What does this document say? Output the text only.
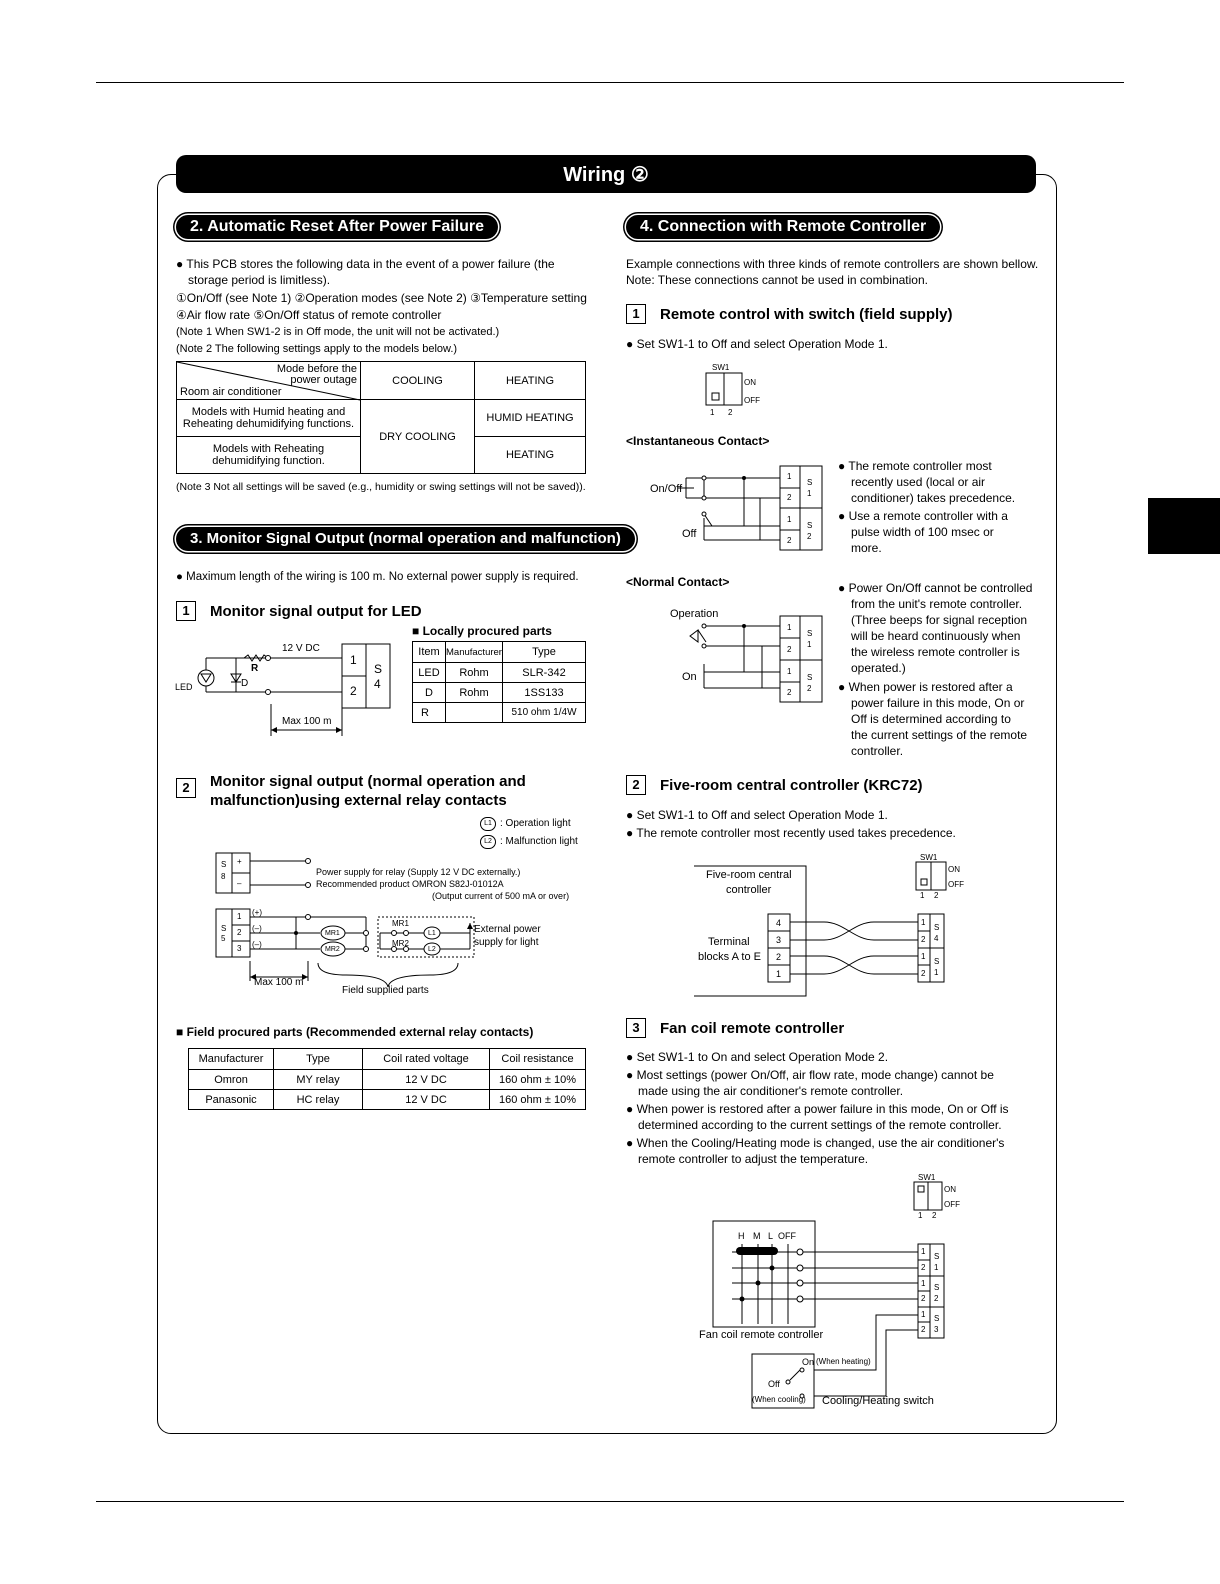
Wiring ②
2. Automatic Reset After Power Failure
● This PCB stores the following data in the event of a power failure (the
storage period is limitless).
①On/Off (see Note 1) ②Operation modes (see Note 2) ③Temperature setting
④Air flow rate ⑤On/Off status of remote controller
(Note 1 When SW1-2 is in Off mode, the unit will not be activated.)
(Note 2 The following settings apply to the models below.)
Mode before the
power outage
Room air conditioner	COOLING	HEATING
Models with Humid heating and
Reheating dehumidifying functions.	DRY COOLING	HUMID HEATING
Models with Reheating
dehumidifying function.		HEATING
(Note 3 Not all settings will be saved (e.g., humidity or swing settings will not be saved)).
3. Monitor Signal Output (normal operation and malfunction)
● Maximum length of the wiring is 100 m. No external power supply is required.
1	Monitor signal output for LED
12 V DC
R
D
LED
1
2
S
4
Max 100 m
■ Locally procured parts
Item	Manufacturer	Type
LED	Rohm	SLR-342
D	Rohm	1SS133
R		510 ohm 1/4W
2	Monitor signal output (normal operation and
malfunction)using external relay contacts
L1 : Operation light
L2 : Malfunction light
S
8
+
–
Power supply for relay (Supply 12 V DC externally.)
Recommended product OMRON S82J-01012A
(Output current of 500 mA or over)
S
5
1
2
3
(+)
(–)
(–)
MR1
MR2
MR1
MR2
L1
L2
External power
supply for light
Max 100 m
Field supplied parts
■ Field procured parts (Recommended external relay contacts)
Manufacturer	Type	Coil rated voltage	Coil resistance
Omron	MY relay	12 V DC	160 ohm ± 10%
Panasonic	HC relay	12 V DC	160 ohm ± 10%
4. Connection with Remote Controller
Example connections with three kinds of remote controllers are shown bellow.
Note: These connections cannot be used in combination.
1	Remote control with switch (field supply)
● Set SW1-1 to Off and select Operation Mode 1.
SW1
ON
OFF
1 2
<Instantaneous Contact>
On/Off
Off
1
2
1
2
S
1
S
2
● The remote controller most
recently used (local or air
conditioner) takes precedence.
● Use a remote controller with a
pulse width of 100 msec or
more.
<Normal Contact>
Operation
On
1
2
1
2
S
1
S
2
● Power On/Off cannot be controlled
from the unit's remote controller.
(Three beeps for signal reception
will be heard continuously when
the wireless remote controller is
operated.)
● When power is restored after a
power failure in this mode, On or
Off is determined according to
the current settings of the remote
controller.
2	Five-room central controller (KRC72)
● Set SW1-1 to Off and select Operation Mode 1.
● The remote controller most recently used takes precedence.
SW1
ON
OFF
1 2
Five-room central
controller
Terminal
blocks A to E
4
3
2
1
1
2
1
2
S
4
S
1
3	Fan coil remote controller
● Set SW1-1 to On and select Operation Mode 2.
● Most settings (power On/Off, air flow rate, mode change) cannot be
made using the air conditioner's remote controller.
● When power is restored after a power failure in this mode, On or Off is
determined according to the current settings of the remote controller.
● When the Cooling/Heating mode is changed, use the air conditioner's
remote controller to adjust the temperature.
SW1
ON
OFF
1 2
H M L OFF
Fan coil remote controller
On (When heating)
Off
(When cooling) Cooling/Heating switch
1
2
1
2
1
2
S
1
S
2
S
3
